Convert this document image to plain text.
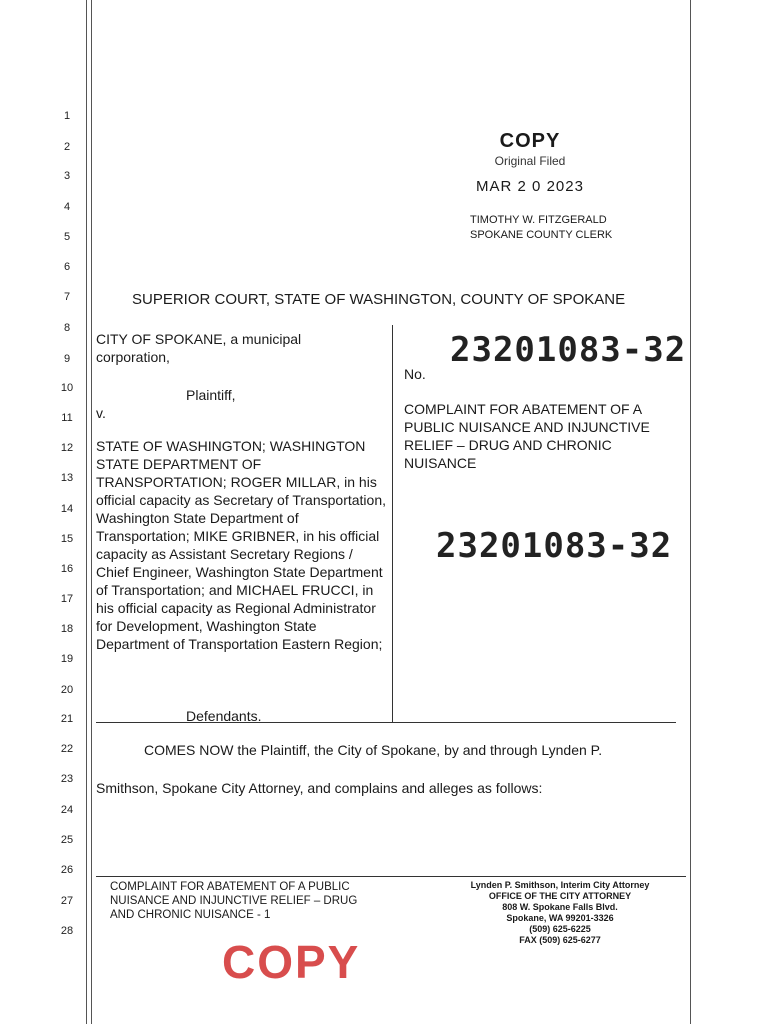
1
2
3
4
5
6
7
8
9
10
11
12
13
14
15
16
17
18
19
20
21
22
23
24
25
26
27
28
COPY
Original Filed
MAR 2 0 2023
TIMOTHY W. FITZGERALD
SPOKANE COUNTY CLERK
SUPERIOR COURT, STATE OF WASHINGTON, COUNTY OF SPOKANE
CITY OF SPOKANE, a municipal corporation,
Plaintiff,
v.
STATE OF WASHINGTON; WASHINGTON STATE DEPARTMENT OF TRANSPORTATION; ROGER MILLAR, in his official capacity as Secretary of Transportation, Washington State Department of Transportation; MIKE GRIBNER, in his official capacity as Assistant Secretary Regions / Chief Engineer, Washington State Department of Transportation; and MICHAEL FRUCCI, in his official capacity as Regional Administrator for Development, Washington State Department of Transportation Eastern Region;
Defendants.
No.
23201083-32
COMPLAINT FOR ABATEMENT OF A PUBLIC NUISANCE AND INJUNCTIVE RELIEF – DRUG AND CHRONIC NUISANCE
23201083-32
COMES NOW the Plaintiff, the City of Spokane, by and through Lynden P.
Smithson, Spokane City Attorney, and complains and alleges as follows:
COMPLAINT FOR ABATEMENT OF A PUBLIC NUISANCE AND INJUNCTIVE RELIEF – DRUG AND CHRONIC NUISANCE - 1
Lynden P. Smithson, Interim City Attorney
OFFICE OF THE CITY ATTORNEY
808 W. Spokane Falls Blvd.
Spokane, WA 99201-3326
(509) 625-6225
FAX (509) 625-6277
COPY
